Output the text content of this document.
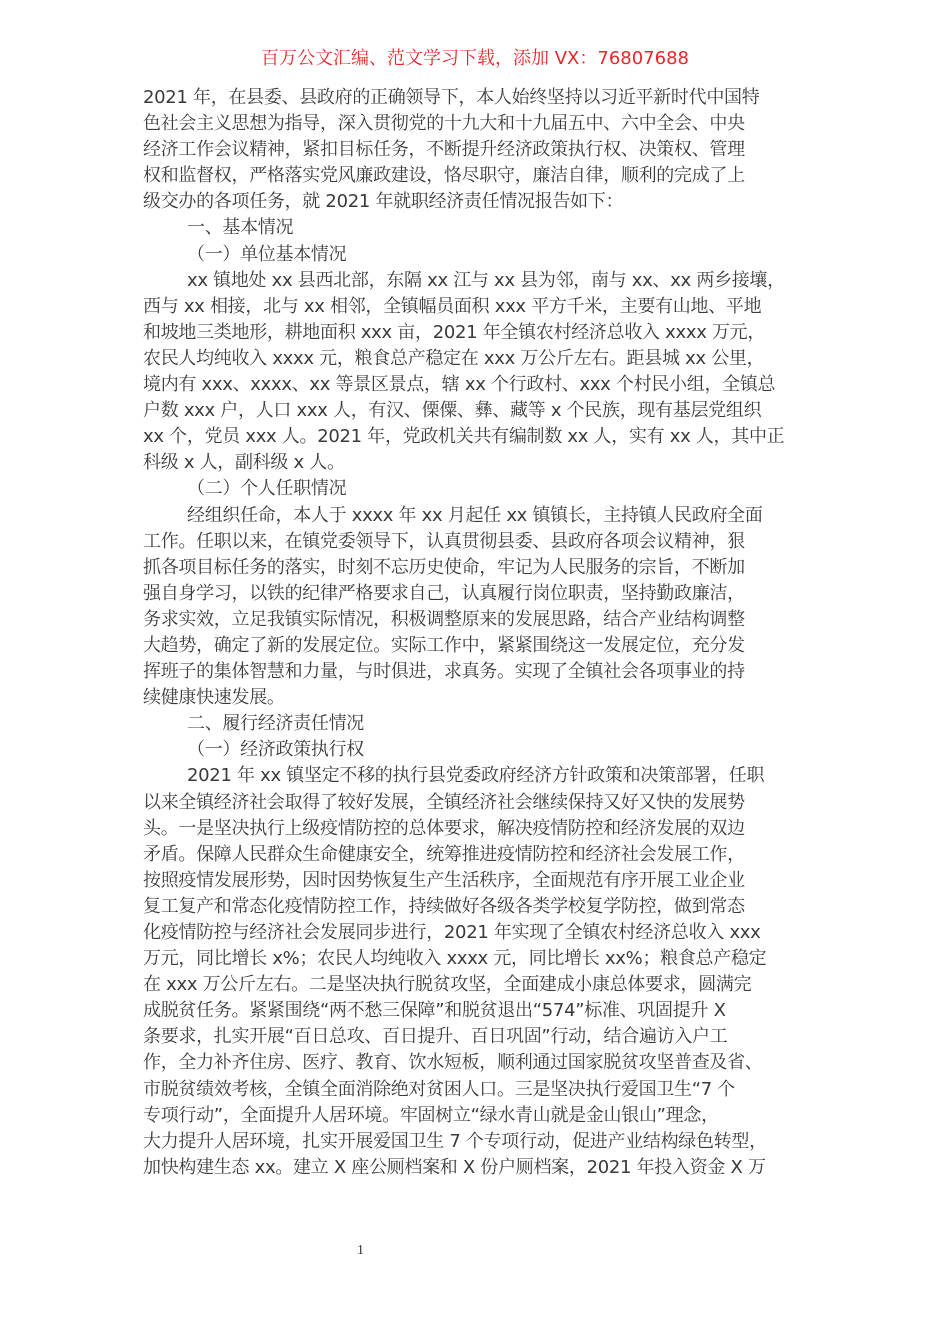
百万公文汇编、范文学习下载，添加 VX：76807688
2021 年，在县委、县政府的正确领导下，本人始终坚持以习近平新时代中国特
色社会主义思想为指导，深入贯彻党的十九大和十九届五中、六中全会、中央
经济工作会议精神，紧扣目标任务，不断提升经济政策执行权、决策权、管理
权和监督权，严格落实党风廉政建设，恪尽职守，廉洁自律，顺利的完成了上
级交办的各项任务，就 2021 年就职经济责任情况报告如下：
一、基本情况
（一）单位基本情况
xx 镇地处 xx 县西北部，东隔 xx 江与 xx 县为邻，南与 xx、xx 两乡接壤，
西与 xx 相接，北与 xx 相邻，全镇幅员面积 xxx 平方千米，主要有山地、平地
和坡地三类地形，耕地面积 xxx 亩，2021 年全镇农村经济总收入 xxxx 万元，
农民人均纯收入 xxxx 元，粮食总产稳定在 xxx 万公斤左右。距县城 xx 公里，
境内有 xxx、xxxx、xx 等景区景点，辖 xx 个行政村、xxx 个村民小组，全镇总
户数 xxx 户，人口 xxx 人，有汉、傈僳、彝、藏等 x 个民族，现有基层党组织
xx 个，党员 xxx 人。2021 年，党政机关共有编制数 xx 人，实有 xx 人，其中正
科级 x 人，副科级 x 人。
（二）个人任职情况
经组织任命，本人于 xxxx 年 xx 月起任 xx 镇镇长，主持镇人民政府全面
工作。任职以来，在镇党委领导下，认真贯彻县委、县政府各项会议精神，狠
抓各项目标任务的落实，时刻不忘历史使命，牢记为人民服务的宗旨，不断加
强自身学习，以铁的纪律严格要求自己，认真履行岗位职责，坚持勤政廉洁，
务求实效，立足我镇实际情况，积极调整原来的发展思路，结合产业结构调整
大趋势，确定了新的发展定位。实际工作中，紧紧围绕这一发展定位，充分发
挥班子的集体智慧和力量，与时俱进，求真务。实现了全镇社会各项事业的持
续健康快速发展。
二、履行经济责任情况
（一）经济政策执行权
2021 年 xx 镇坚定不移的执行县党委政府经济方针政策和决策部署，任职
以来全镇经济社会取得了较好发展，全镇经济社会继续保持又好又快的发展势
头。一是坚决执行上级疫情防控的总体要求，解决疫情防控和经济发展的双边
矛盾。保障人民群众生命健康安全，统筹推进疫情防控和经济社会发展工作，
按照疫情发展形势，因时因势恢复生产生活秩序，全面规范有序开展工业企业
复工复产和常态化疫情防控工作，持续做好各级各类学校复学防控，做到常态
化疫情防控与经济社会发展同步进行，2021 年实现了全镇农村经济总收入 xxx
万元，同比增长 x%；农民人均纯收入 xxxx 元，同比增长 xx%；粮食总产稳定
在 xxx 万公斤左右。二是坚决执行脱贫攻坚，全面建成小康总体要求，圆满完
成脱贫任务。紧紧围绕“两不愁三保障”和脱贫退出“574”标准、巩固提升 X
条要求，扎实开展“百日总攻、百日提升、百日巩固”行动，结合遍访入户工
作，全力补齐住房、医疗、教育、饮水短板，顺利通过国家脱贫攻坚普查及省、
市脱贫绩效考核，全镇全面消除绝对贫困人口。三是坚决执行爱国卫生“7 个
专项行动”，全面提升人居环境。牢固树立“绿水青山就是金山银山”理念，
大力提升人居环境，扎实开展爱国卫生 7 个专项行动，促进产业结构绿色转型，
加快构建生态 xx。建立 X 座公厕档案和 X 份户厕档案，2021 年投入资金 X 万
1
